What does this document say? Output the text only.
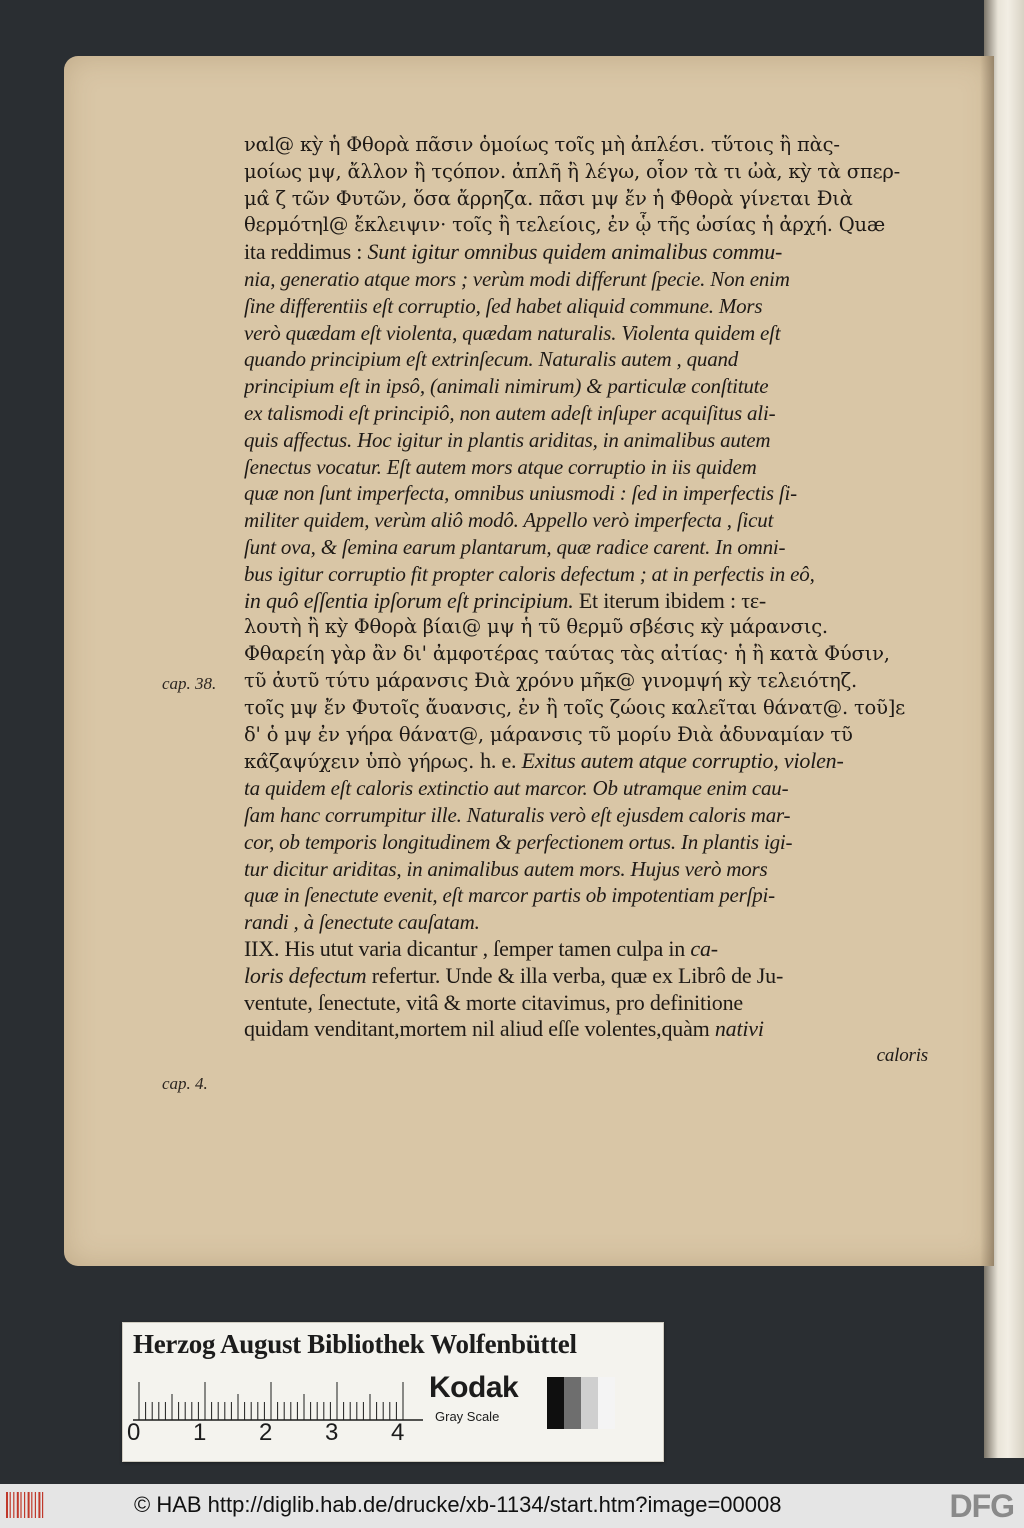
cap. 38.
cap. 4.
ναl@ κỳ ἡ Φθορὰ πᾶσιν ὁμοίως τοῖς μὴ ἀπλέσι. τὕτοις ἢ πὰς-
μοίως μψ, ἄλλον ἢ τςόπον. ἀπλῆ ἢ λέγω, οἷον τὰ τι ὠὰ, κỳ τὰ σπερ-
μα̂ ζ τῶν Φυτῶν, ὅσα ἄρρηζα. πᾶσι μψ ἔν ἡ Φθορὰ γίνεται Ɖιὰ
θερμότηl@ ἔκλειψιν· τοῖς ἢ τελείοις, ἐν ᾧ τῆς ὠσίας ἡ ἀρχή. Quæ
ita reddimus : Sunt igitur omnibus quidem animalibus commu-
nia, generatio atque mors ; verùm modi differunt ſpecie. Non enim
ſine differentiis eſt corruptio, ſed habet aliquid commune. Mors
verò quædam eſt violenta, quædam naturalis. Violenta quidem eſt
quando principium eſt extrinſecum. Naturalis autem , quand
principium eſt in ipsô, (animali nimirum) & particulæ conſtitute
ex talismodi eſt principiô, non autem adeſt inſuper acquiſitus ali-
quis affectus. Hoc igitur in plantis ariditas, in animalibus autem
ſenectus vocatur. Eſt autem mors atque corruptio in iis quidem
quæ non ſunt imperfecta, omnibus uniusmodi : ſed in imperfectis ſi-
militer quidem, verùm aliô modô. Appello verò imperfecta , ſicut
ſunt ova, & ſemina earum plantarum, quæ radice carent. In omni-
bus igitur corruptio fit propter caloris defectum ; at in perfectis in eô,
in quô eſſentia ipſorum eſt principium. Et iterum ibidem : τε-
λουτὴ ἢ κỳ Φθορὰ βίαι@ μψ ἡ τῦ θερμῦ σβέσις κỳ μάρανσις.
Φθαρείη γὰρ ἂν δι' ἀμφοτέρας ταύτας τὰς αἰτίας· ἡ ἢ κατὰ Φύσιν,
τῦ ἀυτῦ τύτυ μάρανσις Ɖιὰ χρόνυ μῆκ@ γινομψή κỳ τελειότηζ.
τοῖς μψ ἔν Φυτοῖς ἄυανσις, ἐν ἢ τοῖς ζώοις καλεῖται θάνατ@. τοῦ]ε
δ' ὁ μψ ἐν γήρα θάνατ@, μάρανσις τῦ μορίυ Ɖιὰ ἀδυναμίαν τῦ
κα̂ζαψύχειν ὑπὸ γήρως. h. e. Exitus autem atque corruptio, violen-
ta quidem eſt caloris extinctio aut marcor. Ob utramque enim cau-
ſam hanc corrumpitur ille. Naturalis verò eſt ejusdem caloris mar-
cor, ob temporis longitudinem & perfectionem ortus. In plantis igi-
tur dicitur ariditas, in animalibus autem mors. Hujus verò mors
quæ in ſenectute evenit, eſt marcor partis ob impotentiam perſpi-
randi , à ſenectute cauſatam.
IIX. His utut varia dicantur , ſemper tamen culpa in ca-
loris defectum refertur. Unde & illa verba, quæ ex Librô de Ju-
ventute, ſenectute, vitâ & morte citavimus, pro definitione
quidam venditant,mortem nil aliud eſſe volentes,quàm nativi
caloris
Herzog August Bibliothek Wolfenbüttel
0 1 2 3 4
Kodak
Gray Scale
© HAB http://diglib.hab.de/drucke/xb-1134/start.htm?image=00008	DFG
